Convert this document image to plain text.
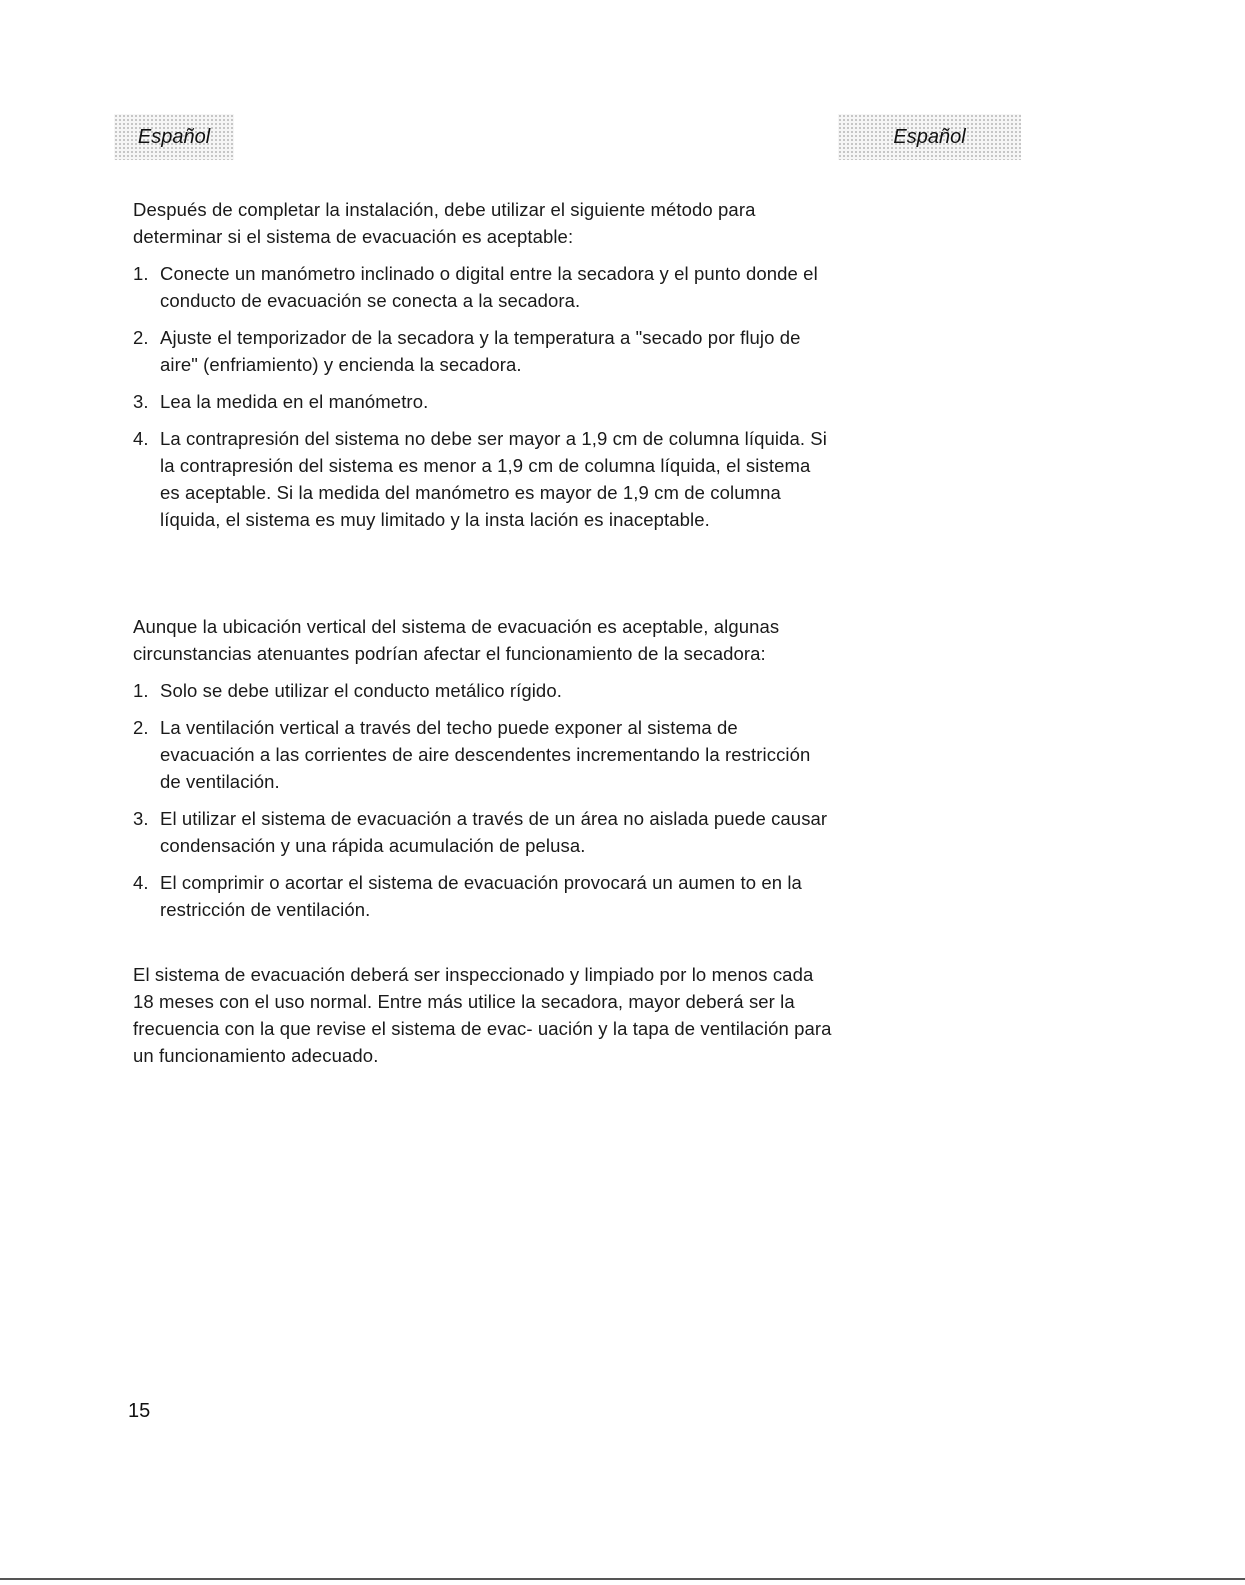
Español	Español

Después de completar la instalación, debe utilizar el siguiente método para determinar si el sistema de evacuación es aceptable:

1. Conecte un manómetro inclinado o digital entre la secadora y el punto donde el conducto de evacuación se conecta a la secadora.
2. Ajuste el temporizador de la secadora y la temperatura a "secado por flujo de aire" (enfriamiento) y encienda la secadora.
3. Lea la medida en el manómetro.
4. La contrapresión del sistema no debe ser mayor a 1,9 cm de columna líquida. Si la contrapresión del sistema es menor a 1,9 cm de columna líquida, el sistema es aceptable. Si la medida del manómetro es mayor de 1,9 cm de columna líquida, el sistema es muy limitado y la insta lación es inaceptable.

Aunque la ubicación vertical del sistema de evacuación es aceptable, algunas circunstancias atenuantes podrían afectar el funcionamiento de la secadora:

1. Solo se debe utilizar el conducto metálico rígido.
2. La ventilación vertical a través del techo puede exponer al sistema de evacuación a las corrientes de aire descendentes incrementando la restricción de ventilación.
3. El utilizar el sistema de evacuación a través de un área no aislada puede causar condensación y una rápida acumulación de pelusa.
4. El comprimir o acortar el sistema de evacuación provocará un aumen to en la restricción de ventilación.

El sistema de evacuación deberá ser inspeccionado y limpiado por lo menos cada 18 meses con el uso normal. Entre más utilice la secadora, mayor deberá ser la frecuencia con la que revise el sistema de evac- uación y la tapa de ventilación para un funcionamiento adecuado.

15
